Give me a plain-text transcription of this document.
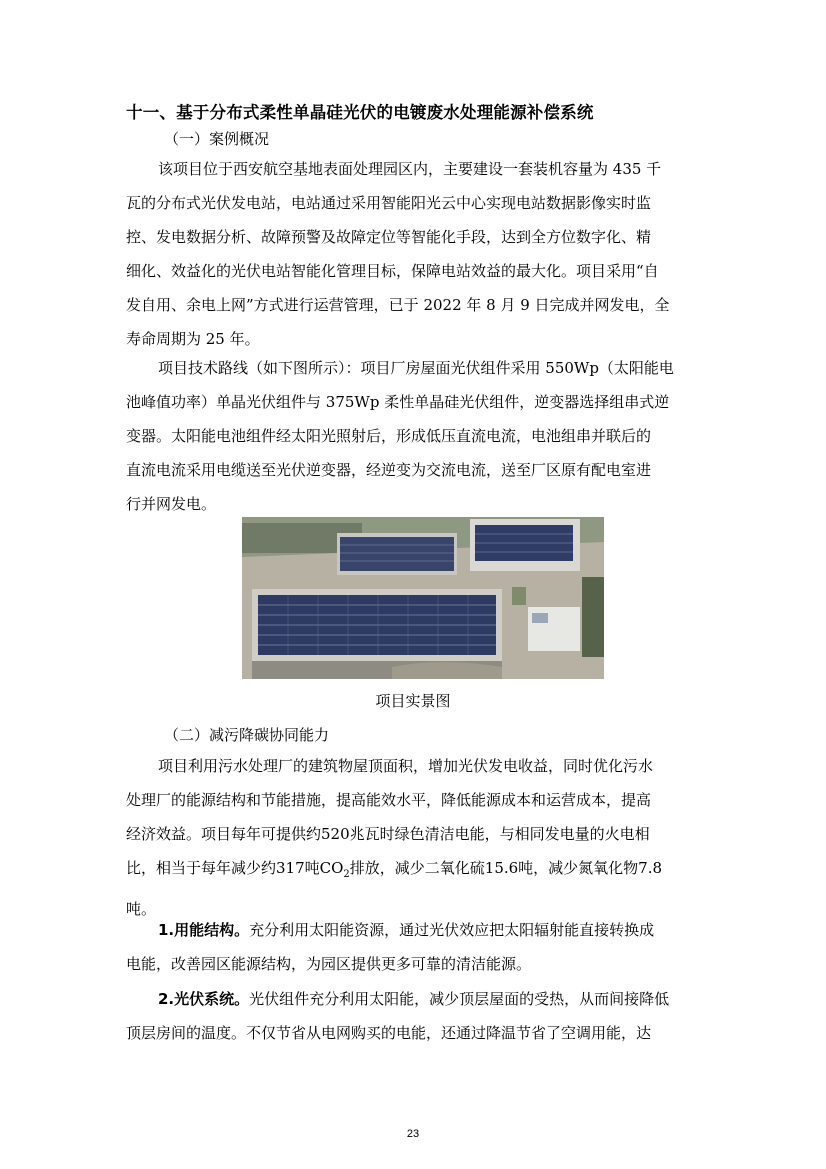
十一、基于分布式柔性单晶硅光伏的电镀废水处理能源补偿系统
（一）案例概况
该项目位于西安航空基地表面处理园区内，主要建设一套装机容量为 435 千
瓦的分布式光伏发电站，电站通过采用智能阳光云中心实现电站数据影像实时监
控、发电数据分析、故障预警及故障定位等智能化手段，达到全方位数字化、精
细化、效益化的光伏电站智能化管理目标，保障电站效益的最大化。项目采用“自
发自用、余电上网”方式进行运营管理，已于 2022 年 8 月 9 日完成并网发电，全
寿命周期为 25 年。
项目技术路线（如下图所示）：项目厂房屋面光伏组件采用 550Wp（太阳能电
池峰值功率）单晶光伏组件与 375Wp 柔性单晶硅光伏组件，逆变器选择组串式逆
变器。太阳能电池组件经太阳光照射后，形成低压直流电流，电池组串并联后的
直流电流采用电缆送至光伏逆变器，经逆变为交流电流，送至厂区原有配电室进
行并网发电。
项目实景图
（二）减污降碳协同能力
项目利用污水处理厂的建筑物屋顶面积，增加光伏发电收益，同时优化污水
处理厂的能源结构和节能措施，提高能效水平，降低能源成本和运营成本，提高
经济效益。项目每年可提供约520兆瓦时绿色清洁电能，与相同发电量的火电相
比，相当于每年减少约317吨$CO_2$排放，减少二氧化硫15.6吨，减少氮氧化物7.8
吨。
1.用能结构。充分利用太阳能资源，通过光伏效应把太阳辐射能直接转换成
电能，改善园区能源结构，为园区提供更多可靠的清洁能源。
2.光伏系统。光伏组件充分利用太阳能，减少顶层屋面的受热，从而间接降低
顶层房间的温度。不仅节省从电网购买的电能，还通过降温节省了空调用能，达
23
